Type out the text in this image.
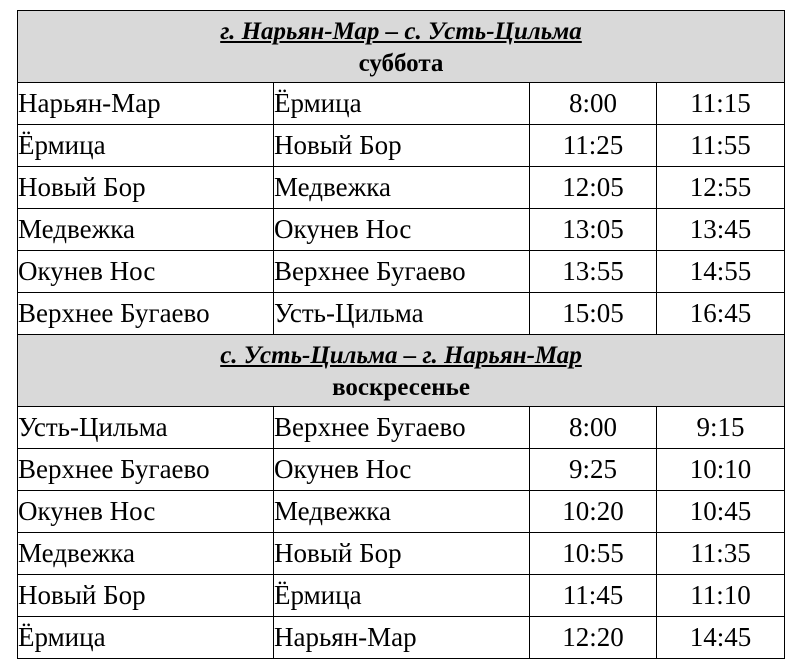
г. Нарьян-Мар – с. Усть-Цильма
суббота			

Нарьян-Мар	Ёрмица	8:00	11:15
Ёрмица	Новый Бор	11:25	11:55
Новый Бор	Медвежка	12:05	12:55
Медвежка	Окунев Нос	13:05	13:45
Окунев Нос	Верхнее Бугаево	13:55	14:55
Верхнее Бугаево	Усть-Цильма	15:05	16:45

с. Усть-Цильма – г. Нарьян-Мар
воскресенье			

Усть-Цильма	Верхнее Бугаево	8:00	9:15
Верхнее Бугаево	Окунев Нос	9:25	10:10
Окунев Нос	Медвежка	10:20	10:45
Медвежка	Новый Бор	10:55	11:35
Новый Бор	Ёрмица	11:45	11:10
Ёрмица	Нарьян-Мар	12:20	14:45
